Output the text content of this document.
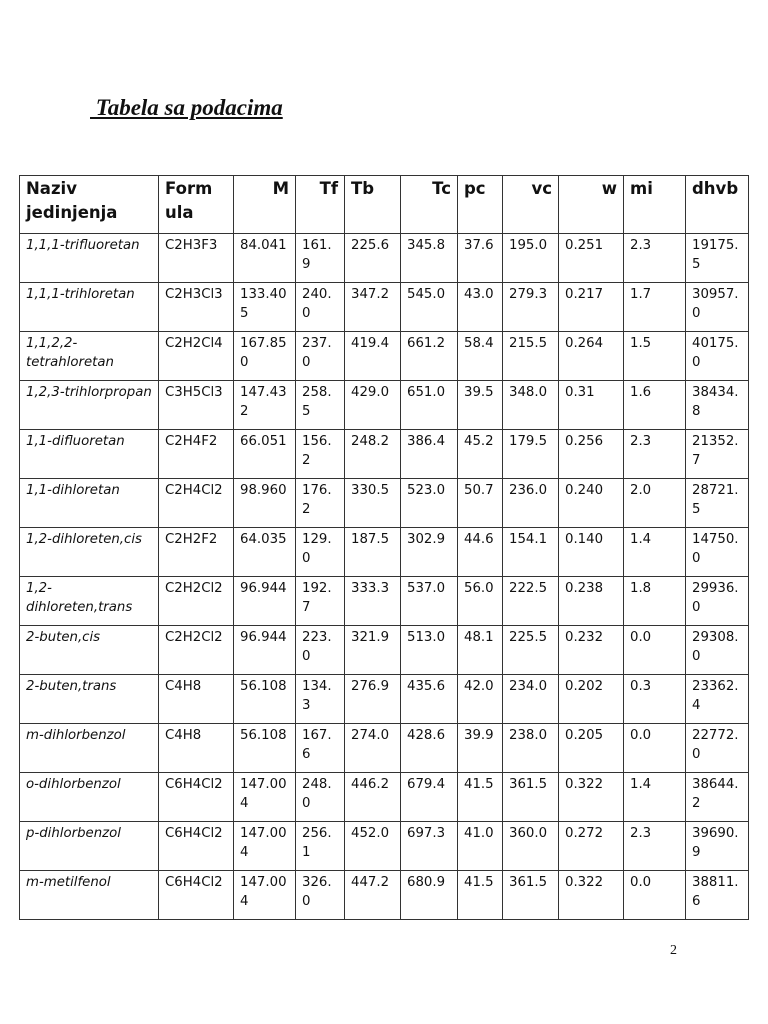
Tabela sa podacima
Naziv jedinjenja	Form ula	M	Tf	Tb	Tc	pc	vc	w	mi	dhvb
1,1,1-trifluoretan	C2H3F3	84.041	161.9	225.6	345.8	37.6	195.0	0.251	2.3	19175.5
1,1,1-trihloretan	C2H3Cl3	133.405	240.0	347.2	545.0	43.0	279.3	0.217	1.7	30957.0
1,1,2,2-tetrahloretan	C2H2Cl4	167.850	237.0	419.4	661.2	58.4	215.5	0.264	1.5	40175.0
1,2,3-trihlorpropan	C3H5Cl3	147.432	258.5	429.0	651.0	39.5	348.0	0.31	1.6	38434.8
1,1-difluoretan	C2H4F2	66.051	156.2	248.2	386.4	45.2	179.5	0.256	2.3	21352.7
1,1-dihloretan	C2H4Cl2	98.960	176.2	330.5	523.0	50.7	236.0	0.240	2.0	28721.5
1,2-dihloreten,cis	C2H2F2	64.035	129.0	187.5	302.9	44.6	154.1	0.140	1.4	14750.0
1,2-dihloreten,trans	C2H2Cl2	96.944	192.7	333.3	537.0	56.0	222.5	0.238	1.8	29936.0
2-buten,cis	C2H2Cl2	96.944	223.0	321.9	513.0	48.1	225.5	0.232	0.0	29308.0
2-buten,trans	C4H8	56.108	134.3	276.9	435.6	42.0	234.0	0.202	0.3	23362.4
m-dihlorbenzol	C4H8	56.108	167.6	274.0	428.6	39.9	238.0	0.205	0.0	22772.0
o-dihlorbenzol	C6H4Cl2	147.004	248.0	446.2	679.4	41.5	361.5	0.322	1.4	38644.2
p-dihlorbenzol	C6H4Cl2	147.004	256.1	452.0	697.3	41.0	360.0	0.272	2.3	39690.9
m-metilfenol	C6H4Cl2	147.004	326.0	447.2	680.9	41.5	361.5	0.322	0.0	38811.6
2
